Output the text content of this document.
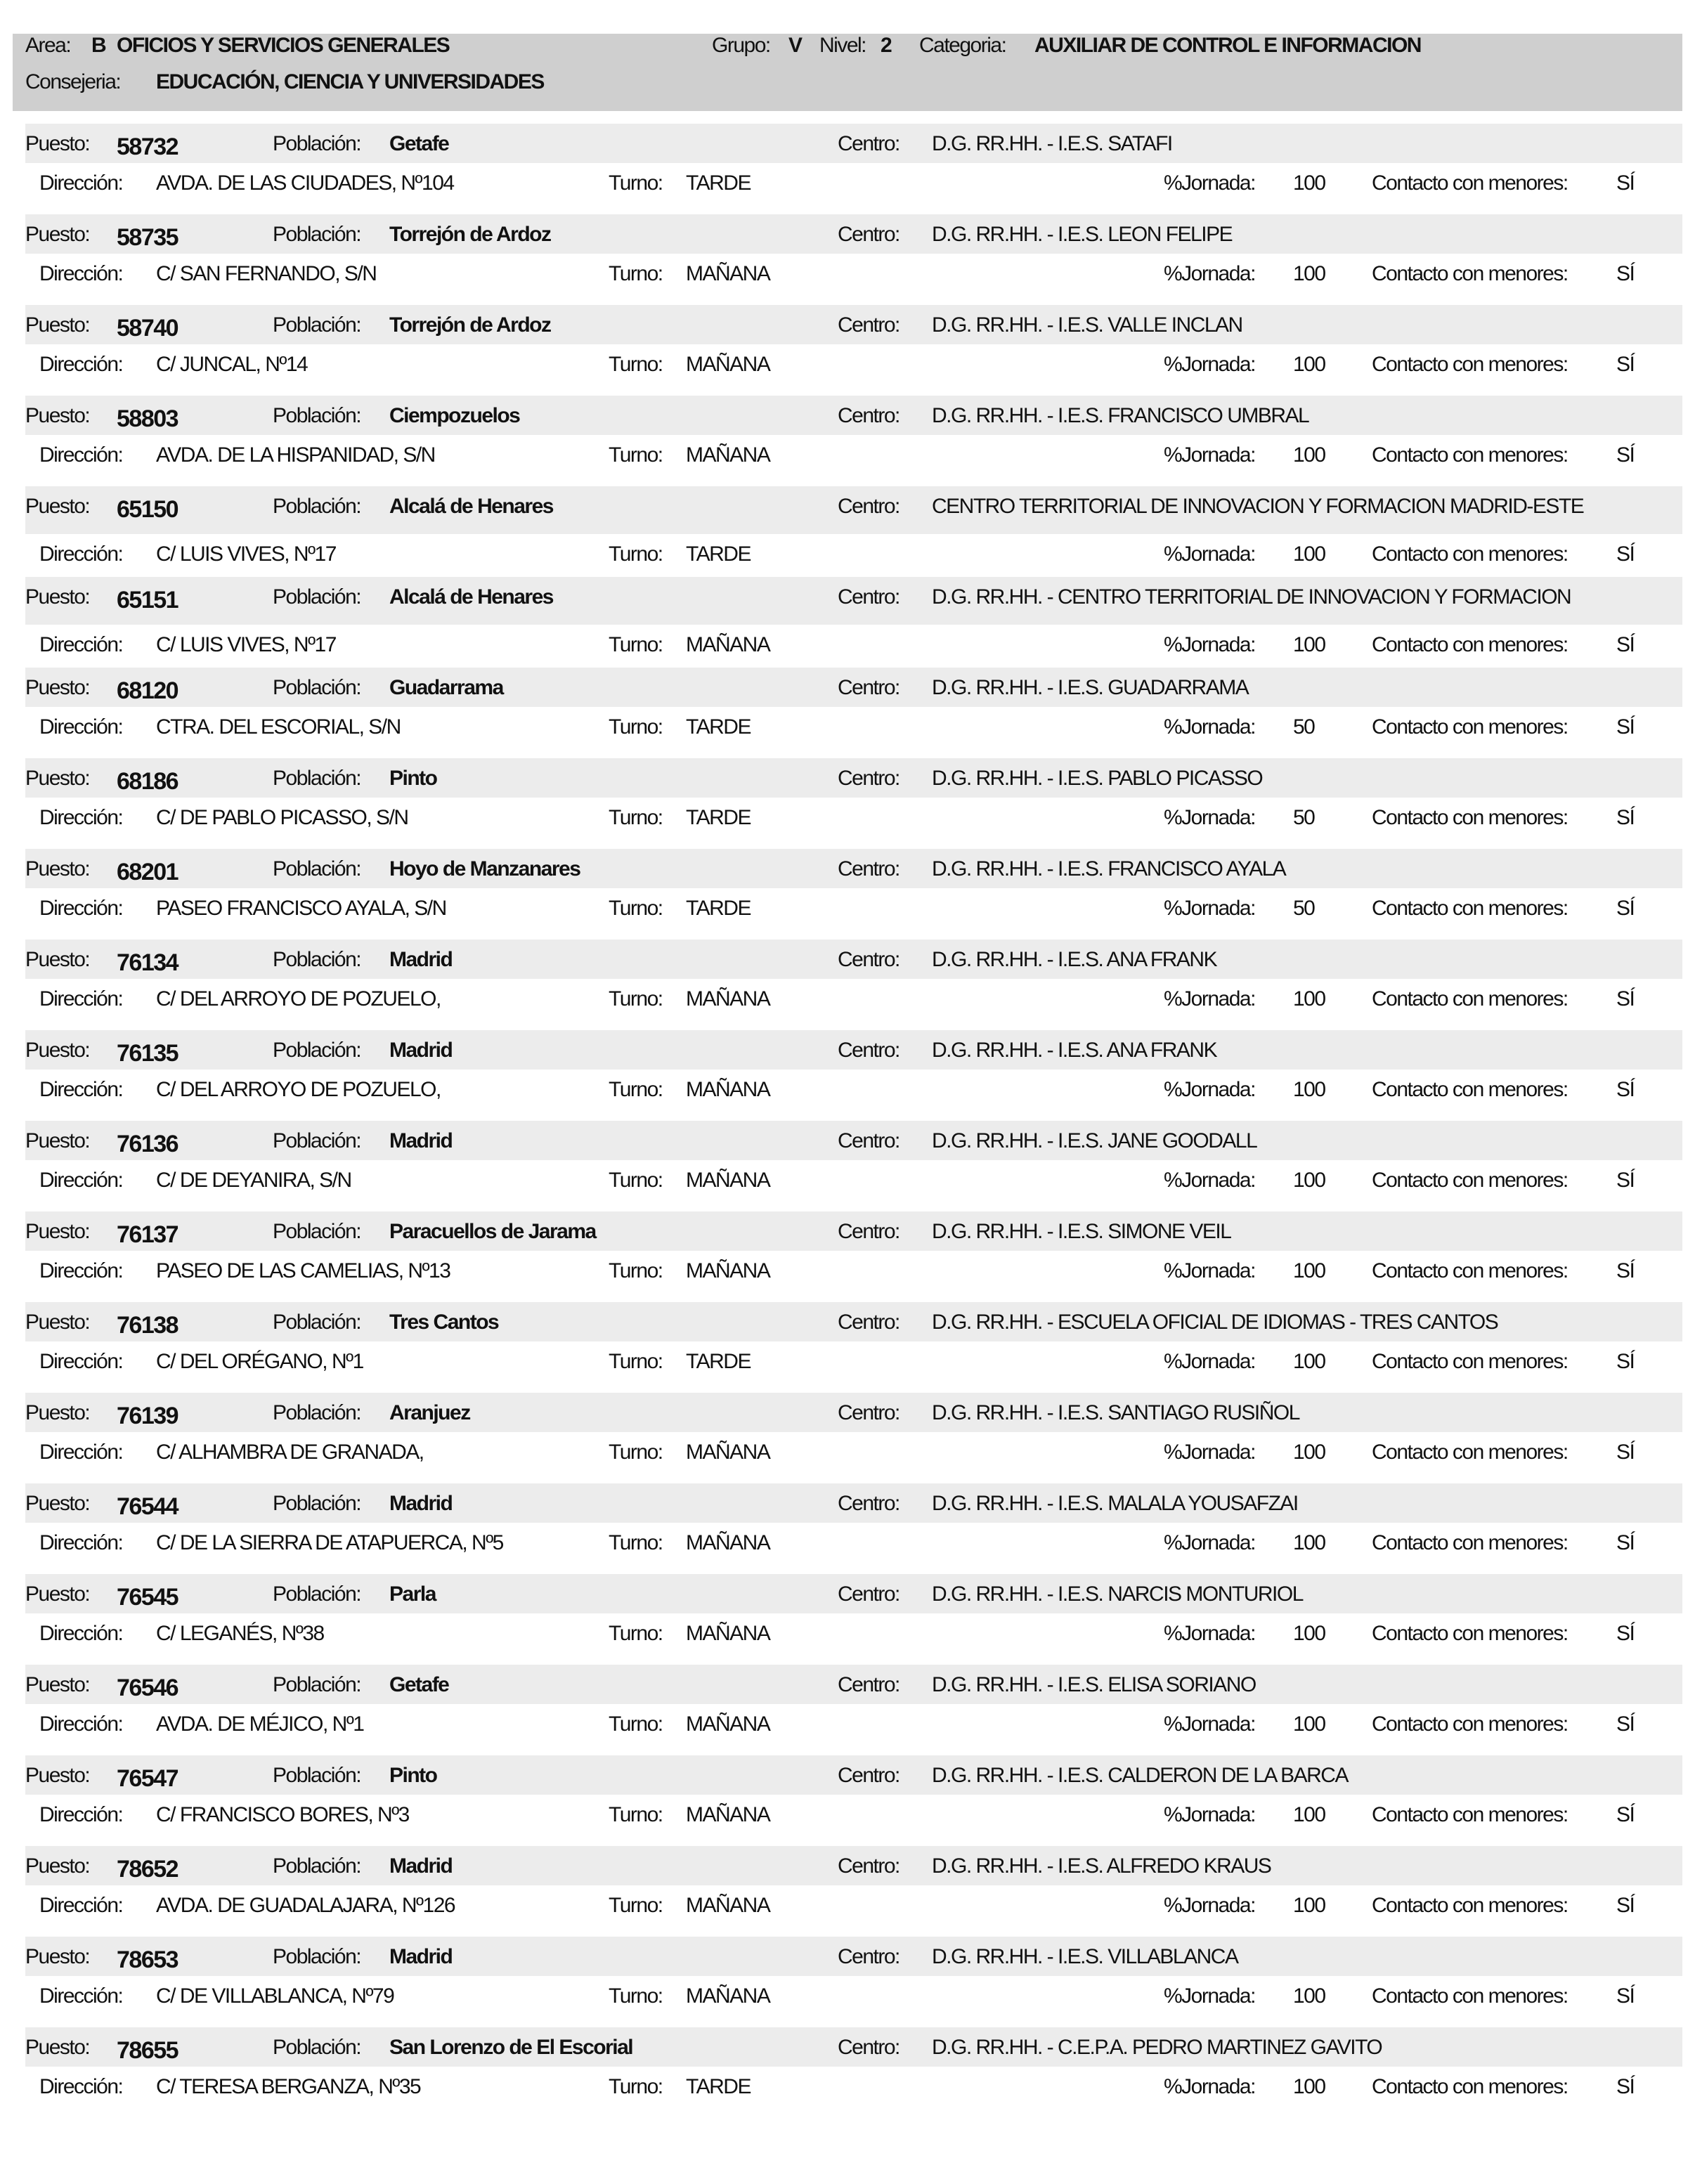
Area: B OFICIOS Y SERVICIOS GENERALES	Grupo: V Nivel: 2 Categoria: AUXILIAR DE CONTROL E INFORMACION
Consejeria: EDUCACIÓN, CIENCIA Y UNIVERSIDADES
Puesto: 58732	Población: Getafe	Centro: D.G. RR.HH. - I.E.S. SATAFI
Dirección: AVDA. DE LAS CIUDADES, Nº104	Turno: TARDE	%Jornada: 100 Contacto con menores: SÍ
Puesto: 58735	Población: Torrejón de Ardoz	Centro: D.G. RR.HH. - I.E.S. LEON FELIPE
Dirección: C/ SAN FERNANDO, S/N	Turno: MAÑANA	%Jornada: 100 Contacto con menores: SÍ
Puesto: 58740	Población: Torrejón de Ardoz	Centro: D.G. RR.HH. - I.E.S. VALLE INCLAN
Dirección: C/ JUNCAL, Nº14	Turno: MAÑANA	%Jornada: 100 Contacto con menores: SÍ
Puesto: 58803	Población: Ciempozuelos	Centro: D.G. RR.HH. - I.E.S. FRANCISCO UMBRAL
Dirección: AVDA. DE LA HISPANIDAD, S/N	Turno: MAÑANA	%Jornada: 100 Contacto con menores: SÍ
Puesto: 65150	Población: Alcalá de Henares	Centro: CENTRO TERRITORIAL DE INNOVACION Y FORMACION MADRID-ESTE
Dirección: C/ LUIS VIVES, Nº17	Turno: TARDE	%Jornada: 100 Contacto con menores: SÍ
Puesto: 65151	Población: Alcalá de Henares	Centro: D.G. RR.HH. - CENTRO TERRITORIAL DE INNOVACION Y FORMACION
Dirección: C/ LUIS VIVES, Nº17	Turno: MAÑANA	%Jornada: 100 Contacto con menores: SÍ
Puesto: 68120	Población: Guadarrama	Centro: D.G. RR.HH. - I.E.S. GUADARRAMA
Dirección: CTRA. DEL ESCORIAL, S/N	Turno: TARDE	%Jornada: 50	Contacto con menores: SÍ
Puesto: 68186	Población: Pinto	Centro: D.G. RR.HH. - I.E.S. PABLO PICASSO
Dirección: C/ DE PABLO PICASSO, S/N	Turno: TARDE	%Jornada: 50	Contacto con menores: SÍ
Puesto: 68201	Población: Hoyo de Manzanares	Centro: D.G. RR.HH. - I.E.S. FRANCISCO AYALA
Dirección: PASEO FRANCISCO AYALA, S/N	Turno: TARDE	%Jornada: 50	Contacto con menores: SÍ
Puesto: 76134	Población: Madrid	Centro: D.G. RR.HH. - I.E.S. ANA FRANK
Dirección: C/ DEL ARROYO DE POZUELO,	Turno: MAÑANA	%Jornada: 100 Contacto con menores: SÍ
Puesto: 76135	Población: Madrid	Centro: D.G. RR.HH. - I.E.S. ANA FRANK
Dirección: C/ DEL ARROYO DE POZUELO,	Turno: MAÑANA	%Jornada: 100 Contacto con menores: SÍ
Puesto: 76136	Población: Madrid	Centro: D.G. RR.HH. - I.E.S. JANE GOODALL
Dirección: C/ DE DEYANIRA, S/N	Turno: MAÑANA	%Jornada: 100 Contacto con menores: SÍ
Puesto: 76137	Población: Paracuellos de Jarama	Centro: D.G. RR.HH. - I.E.S. SIMONE VEIL
Dirección: PASEO DE LAS CAMELIAS, Nº13	Turno: MAÑANA	%Jornada: 100 Contacto con menores: SÍ
Puesto: 76138	Población: Tres Cantos	Centro: D.G. RR.HH. - ESCUELA OFICIAL DE IDIOMAS - TRES CANTOS
Dirección: C/ DEL ORÉGANO, Nº1	Turno: TARDE	%Jornada: 100 Contacto con menores: SÍ
Puesto: 76139	Población: Aranjuez	Centro: D.G. RR.HH. - I.E.S. SANTIAGO RUSIÑOL
Dirección: C/ ALHAMBRA DE GRANADA,	Turno: MAÑANA	%Jornada: 100 Contacto con menores: SÍ
Puesto: 76544	Población: Madrid	Centro: D.G. RR.HH. - I.E.S. MALALA YOUSAFZAI
Dirección: C/ DE LA SIERRA DE ATAPUERCA, Nº5	Turno: MAÑANA	%Jornada: 100 Contacto con menores: SÍ
Puesto: 76545	Población: Parla	Centro: D.G. RR.HH. - I.E.S. NARCIS MONTURIOL
Dirección: C/ LEGANÉS, Nº38	Turno: MAÑANA	%Jornada: 100 Contacto con menores: SÍ
Puesto: 76546	Población: Getafe	Centro: D.G. RR.HH. - I.E.S. ELISA SORIANO
Dirección: AVDA. DE MÉJICO, Nº1	Turno: MAÑANA	%Jornada: 100 Contacto con menores: SÍ
Puesto: 76547	Población: Pinto	Centro: D.G. RR.HH. - I.E.S. CALDERON DE LA BARCA
Dirección: C/ FRANCISCO BORES, Nº3	Turno: MAÑANA	%Jornada: 100 Contacto con menores: SÍ
Puesto: 78652	Población: Madrid	Centro: D.G. RR.HH. - I.E.S. ALFREDO KRAUS
Dirección: AVDA. DE GUADALAJARA, Nº126	Turno: MAÑANA	%Jornada: 100 Contacto con menores: SÍ
Puesto: 78653	Población: Madrid	Centro: D.G. RR.HH. - I.E.S. VILLABLANCA
Dirección: C/ DE VILLABLANCA, Nº79	Turno: MAÑANA	%Jornada: 100 Contacto con menores: SÍ
Puesto: 78655	Población: San Lorenzo de El Escorial	Centro: D.G. RR.HH. - C.E.P.A. PEDRO MARTINEZ GAVITO
Dirección: C/ TERESA BERGANZA, Nº35	Turno: TARDE	%Jornada: 100 Contacto con menores: SÍ
